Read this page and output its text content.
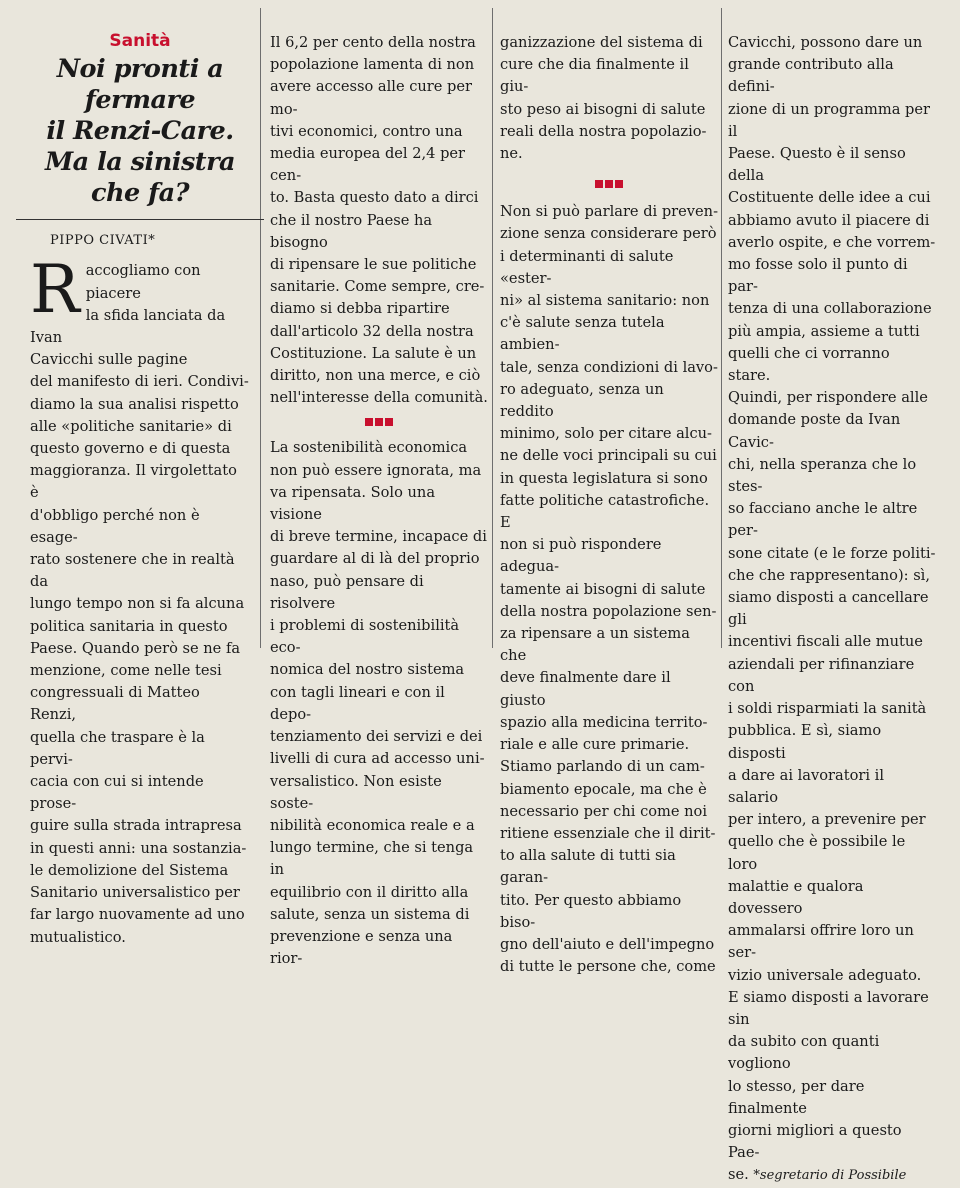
Sanità
Noi pronti a fermare
il Renzi-Care.
Ma la sinistra che fa?
PIPPO CIVATI*

R accogliamo con piacere
la sfida lanciata da Ivan
Cavicchi sulle pagine
del manifesto di ieri. Condivi-
diamo la sua analisi rispetto
alle «politiche sanitarie» di
questo governo e di questa
maggioranza. Il virgolettato è
d'obbligo perché non è esage-
rato sostenere che in realtà da
lungo tempo non si fa alcuna
politica sanitaria in questo
Paese. Quando però se ne fa
menzione, come nelle tesi
congressuali di Matteo Renzi,
quella che traspare è la pervi-
cacia con cui si intende prose-
guire sulla strada intrapresa
in questi anni: una sostanzia-
le demolizione del Sistema
Sanitario universalistico per
far largo nuovamente ad uno
mutualistico.

Il 6,2 per cento della nostra
popolazione lamenta di non
avere accesso alle cure per mo-
tivi economici, contro una
media europea del 2,4 per cen-
to. Basta questo dato a dirci
che il nostro Paese ha bisogno
di ripensare le sue politiche
sanitarie. Come sempre, cre-
diamo si debba ripartire
dall'articolo 32 della nostra
Costituzione. La salute è un
diritto, non una merce, e ciò
nell'interesse della comunità.

La sostenibilità economica
non può essere ignorata, ma
va ripensata. Solo una visione
di breve termine, incapace di
guardare al di là del proprio
naso, può pensare di risolvere
i problemi di sostenibilità eco-
nomica del nostro sistema
con tagli lineari e con il depo-
tenziamento dei servizi e dei
livelli di cura ad accesso uni-
versalistico. Non esiste soste-
nibilità economica reale e a
lungo termine, che si tenga in
equilibrio con il diritto alla
salute, senza un sistema di
prevenzione e senza una rior-

ganizzazione del sistema di
cure che dia finalmente il giu-
sto peso ai bisogni di salute
reali della nostra popolazio-
ne.

Non si può parlare di preven-
zione senza considerare però
i determinanti di salute «ester-
ni» al sistema sanitario: non
c'è salute senza tutela ambien-
tale, senza condizioni di lavo-
ro adeguato, senza un reddito
minimo, solo per citare alcu-
ne delle voci principali su cui
in questa legislatura si sono
fatte politiche catastrofiche. E
non si può rispondere adegua-
tamente ai bisogni di salute
della nostra popolazione sen-
za ripensare a un sistema che
deve finalmente dare il giusto
spazio alla medicina territo-
riale e alle cure primarie.
Stiamo parlando di un cam-
biamento epocale, ma che è
necessario per chi come noi
ritiene essenziale che il dirit-
to alla salute di tutti sia garan-
tito. Per questo abbiamo biso-
gno dell'aiuto e dell'impegno
di tutte le persone che, come

Cavicchi, possono dare un
grande contributo alla defini-
zione di un programma per il
Paese. Questo è il senso della
Costituente delle idee a cui
abbiamo avuto il piacere di
averlo ospite, e che vorrem-
mo fosse solo il punto di par-
tenza di una collaborazione
più ampia, assieme a tutti
quelli che ci vorranno stare.
Quindi, per rispondere alle
domande poste da Ivan Cavic-
chi, nella speranza che lo stes-
so facciano anche le altre per-
sone citate (e le forze politi-
che che rappresentano): sì,
siamo disposti a cancellare gli
incentivi fiscali alle mutue
aziendali per rifinanziare con
i soldi risparmiati la sanità
pubblica. E sì, siamo disposti
a dare ai lavoratori il salario
per intero, a prevenire per
quello che è possibile le loro
malattie e qualora dovessero
ammalarsi offrire loro un ser-
vizio universale adeguato.
E siamo disposti a lavorare sin
da subito con quanti vogliono
lo stesso, per dare finalmente
giorni migliori a questo Pae-
se. *segretario di Possibile
